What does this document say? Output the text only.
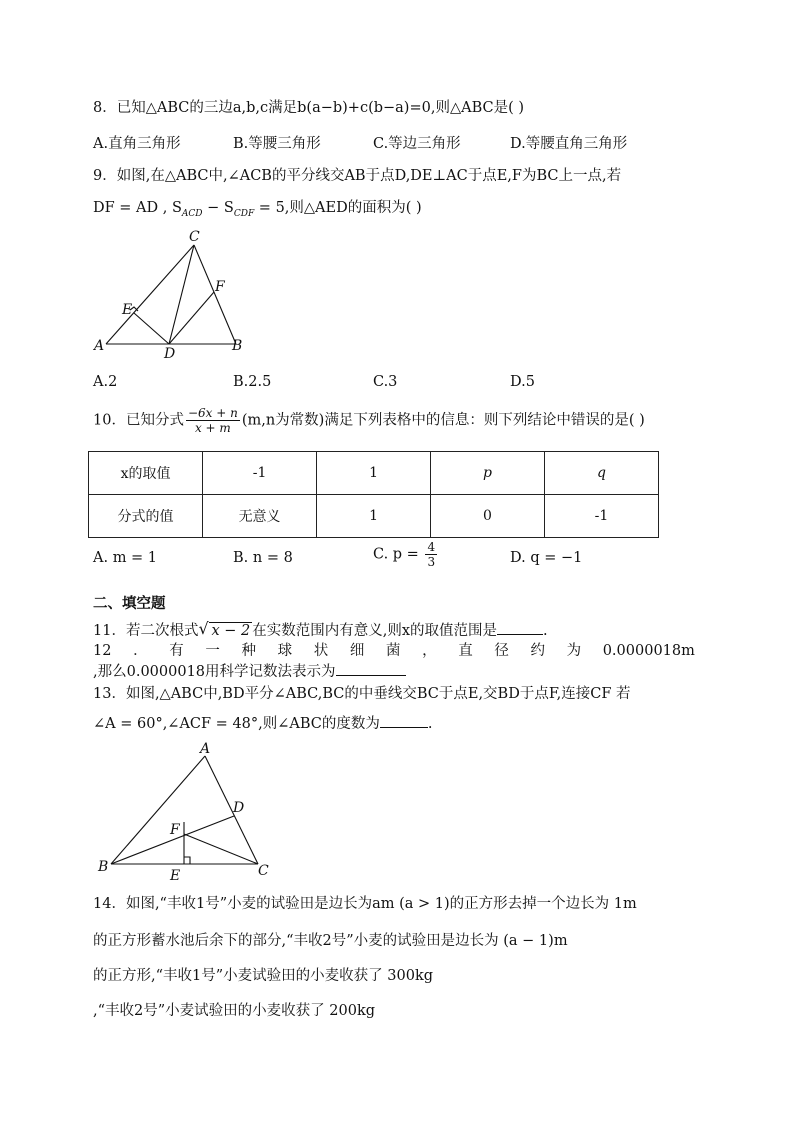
8．已知△ABC的三边a,b,c满足b(a−b)+c(b−a)=0,则△ABC是( )
A.直角三角形	B.等腰三角形	C.等边三角形	D.等腰直角三角形
9．如图,在△ABC中,∠ACB的平分线交AB于点D,DE⊥AC于点E,F为BC上一点,若
DF = AD , $S_{ACD} - S_{CDF} = 5$,则△AED的面积为( )
C
F
E
A	D	B
A.2	B.2.5	C.3	D.5
10．已知分式 $\frac{-6x + n}{x + m} (m,n$为常数)满足下列表格中的信息：则下列结论中错误的是( )
x的取值	-1	1	p	q
分式的值	无意义	1	0	-1
A. m = 1	B. n = 8	C. $p = \frac{4}{3}$	D. q = −1
二、填空题
11．若二次根式 √ x − 2 在实数范围内有意义,则x的取值范围是	.
12 ． 有 一 种 球 状 细 菌 ， 直 径 约 为 0.0000018m
,那么0.0000018用科学记数法表示为
13．如图,△ABC中,BD平分∠ABC,BC的中垂线交BC于点E,交BD于点F,连接CF 若
∠A = 60°,∠ACF = 48°,则∠ABC的度数为	.
A
D
F
B
E	C
14．如图,“丰收1号”小麦的试验田是边长为am (a > 1)的正方形去掉一个边长为 1m
的正方形蓄水池后余下的部分,“丰收2号”小麦的试验田是边长为 (a − 1)m
的正方形,“丰收1号”小麦试验田的小麦收获了 300kg
,“丰收2号”小麦试验田的小麦收获了 200kg
